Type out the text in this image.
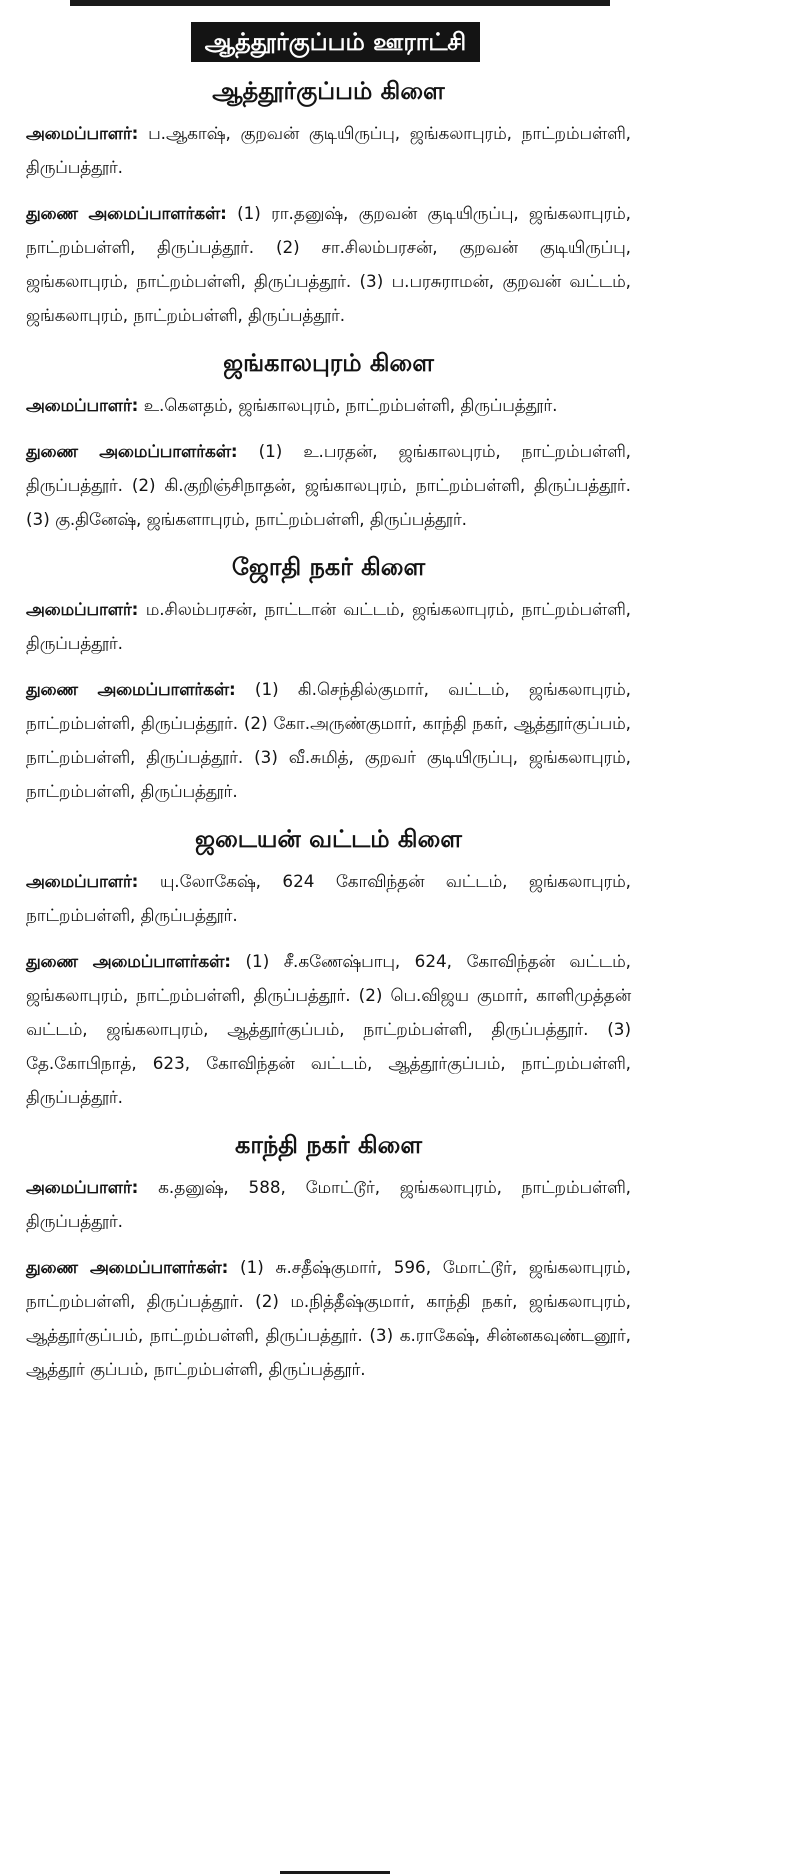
ஆத்தூர்குப்பம் ஊராட்சி
ஆத்தூர்குப்பம் கிளை

அமைப்பாளர்: ப.ஆகாஷ், குறவன் குடியிருப்பு, ஜங்கலாபுரம், நாட்றம்பள்ளி, திருப்பத்தூர்.

துணை அமைப்பாளர்கள்: (1) ரா.தனுஷ், குறவன் குடியிருப்பு, ஜங்கலாபுரம், நாட்றம்பள்ளி, திருப்பத்தூர். (2) சா.சிலம்பரசன், குறவன் குடியிருப்பு, ஜங்கலாபுரம், நாட்றம்பள்ளி, திருப்பத்தூர். (3) ப.பரசுராமன், குறவன் வட்டம், ஜங்கலாபுரம், நாட்றம்பள்ளி, திருப்பத்தூர்.

ஜங்காலபுரம் கிளை

அமைப்பாளர்: உ.கௌதம், ஜங்காலபுரம், நாட்றம்பள்ளி, திருப்பத்தூர்.

துணை அமைப்பாளர்கள்: (1) உ.பரதன், ஜங்காலபுரம், நாட்றம்பள்ளி, திருப்பத்தூர். (2) கி.குறிஞ்சிநாதன், ஜங்காலபுரம், நாட்றம்பள்ளி, திருப்பத்தூர். (3) கு.தினேஷ், ஜங்களாபுரம், நாட்றம்பள்ளி, திருப்பத்தூர்.

ஜோதி நகர் கிளை

அமைப்பாளர்: ம.சிலம்பரசன், நாட்டான் வட்டம், ஜங்கலாபுரம், நாட்றம்பள்ளி, திருப்பத்தூர்.

துணை அமைப்பாளர்கள்: (1) கி.செந்தில்குமார், வட்டம், ஜங்கலாபுரம், நாட்றம்பள்ளி, திருப்பத்தூர். (2) கோ.அருண்குமார், காந்தி நகர், ஆத்தூர்குப்பம், நாட்றம்பள்ளி, திருப்பத்தூர். (3) வீ.சுமித், குறவர் குடியிருப்பு, ஜங்கலாபுரம், நாட்றம்பள்ளி, திருப்பத்தூர்.

ஜடையன் வட்டம் கிளை

அமைப்பாளர்: யு.லோகேஷ், 624 கோவிந்தன் வட்டம், ஜங்கலாபுரம், நாட்றம்பள்ளி, திருப்பத்தூர்.

துணை அமைப்பாளர்கள்: (1) சீ.கணேஷ்பாபு, 624, கோவிந்தன் வட்டம், ஜங்கலாபுரம், நாட்றம்பள்ளி, திருப்பத்தூர். (2) பெ.விஜய குமார், காளிமுத்தன் வட்டம், ஜங்கலாபுரம், ஆத்தூர்குப்பம், நாட்றம்பள்ளி, திருப்பத்தூர். (3) தே.கோபிநாத், 623, கோவிந்தன் வட்டம், ஆத்தூர்குப்பம், நாட்றம்பள்ளி, திருப்பத்தூர்.

காந்தி நகர் கிளை

அமைப்பாளர்: க.தனுஷ், 588, மோட்டூர், ஜங்கலாபுரம், நாட்றம்பள்ளி, திருப்பத்தூர்.

துணை அமைப்பாளர்கள்: (1) சு.சதீஷ்குமார், 596, மோட்டூர், ஜங்கலாபுரம், நாட்றம்பள்ளி, திருப்பத்தூர். (2) ம.நித்தீஷ்குமார், காந்தி நகர், ஜங்கலாபுரம், ஆத்தூர்குப்பம், நாட்றம்பள்ளி, திருப்பத்தூர். (3) க.ராகேஷ், சின்னகவுண்டனூர், ஆத்தூர் குப்பம், நாட்றம்பள்ளி, திருப்பத்தூர்.
